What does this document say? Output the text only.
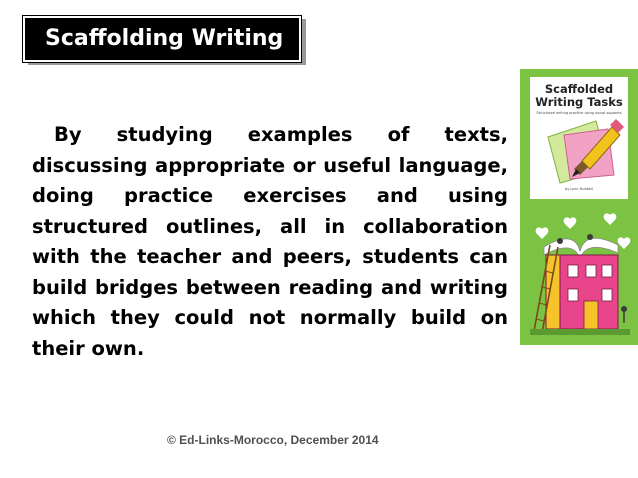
Scaffolding Writing

By studying examples of texts, discussing appropriate or useful language, doing practice exercises and using structured outlines, all in collaboration with the teacher and peers, students can build bridges between reading and writing which they could not normally build on their own.

© Ed-Links-Morocco, December 2014
Scaffolded
Writing Tasks
Structured writing practice using visual supports
by Lynn Hubbell
